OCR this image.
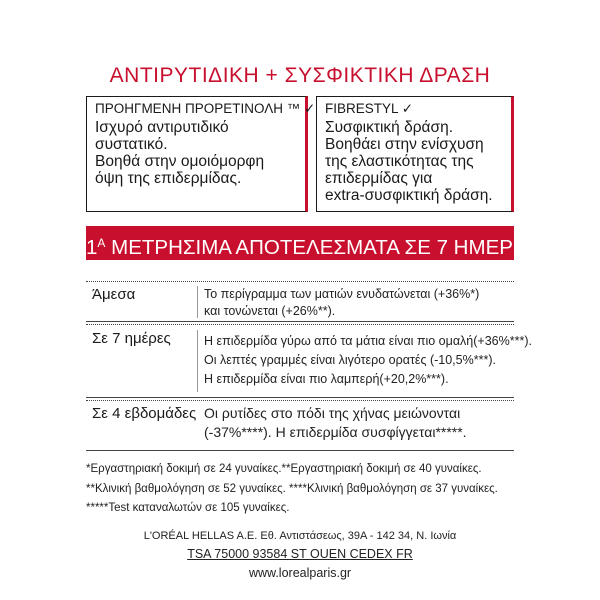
ΑΝΤΙΡΥΤΙΔΙΚΗ + ΣΥΣΦΙΚΤΙΚΗ ΔΡΑΣΗ
ΠΡΟΗΓΜΕΝΗ ΠΡΟΡΕΤΙΝΟΛΗ ™ ✓
Ισχυρό αντιρυτιδικό
συστατικό.
Βοηθά στην ομοιόμορφη
όψη της επιδερμίδας.
FIBRESTYL ✓
Συσφικτική δράση.
Βοηθάει στην ενίσχυση
της ελαστικότητας της
επιδερμίδας για
extra-συσφικτική δράση.
$1^A$ ΜΕΤΡΗΣΙΜΑ ΑΠΟΤΕΛΕΣΜΑΤΑ ΣΕ 7 ΗΜΕΡΕΣ
Άμεσα	Το περίγραμμα των ματιών ενυδατώνεται (+36%*)
και τονώνεται (+26%**).
Σε 7 ημέρες	Η επιδερμίδα γύρω από τα μάτια είναι πιο ομαλή(+36%***).
Οι λεπτές γραμμές είναι λιγότερο ορατές (-10,5%***).
Η επιδερμίδα είναι πιο λαμπερή(+20,2%***).
Σε 4 εβδομάδες Οι ρυτίδες στο πόδι της χήνας μειώνονται
(-37%****). Η επιδερμίδα συσφίγγεται*****.
*Εργαστηριακή δοκιμή σε 24 γυναίκες.**Εργαστηριακή δοκιμή σε 40 γυναίκες.
**Κλινική βαθμολόγηση σε 52 γυναίκες. ****Κλινική βαθμολόγηση σε 37 γυναίκες.
*****Test καταναλωτών σε 105 γυναίκες.
L'ORÉAL HELLAS A.E. Εθ. Αντιστάσεως, 39Α - 142 34, N. Ιωνία
TSA 75000 93584 ST OUEN CEDEX FR
www.lorealparis.gr
